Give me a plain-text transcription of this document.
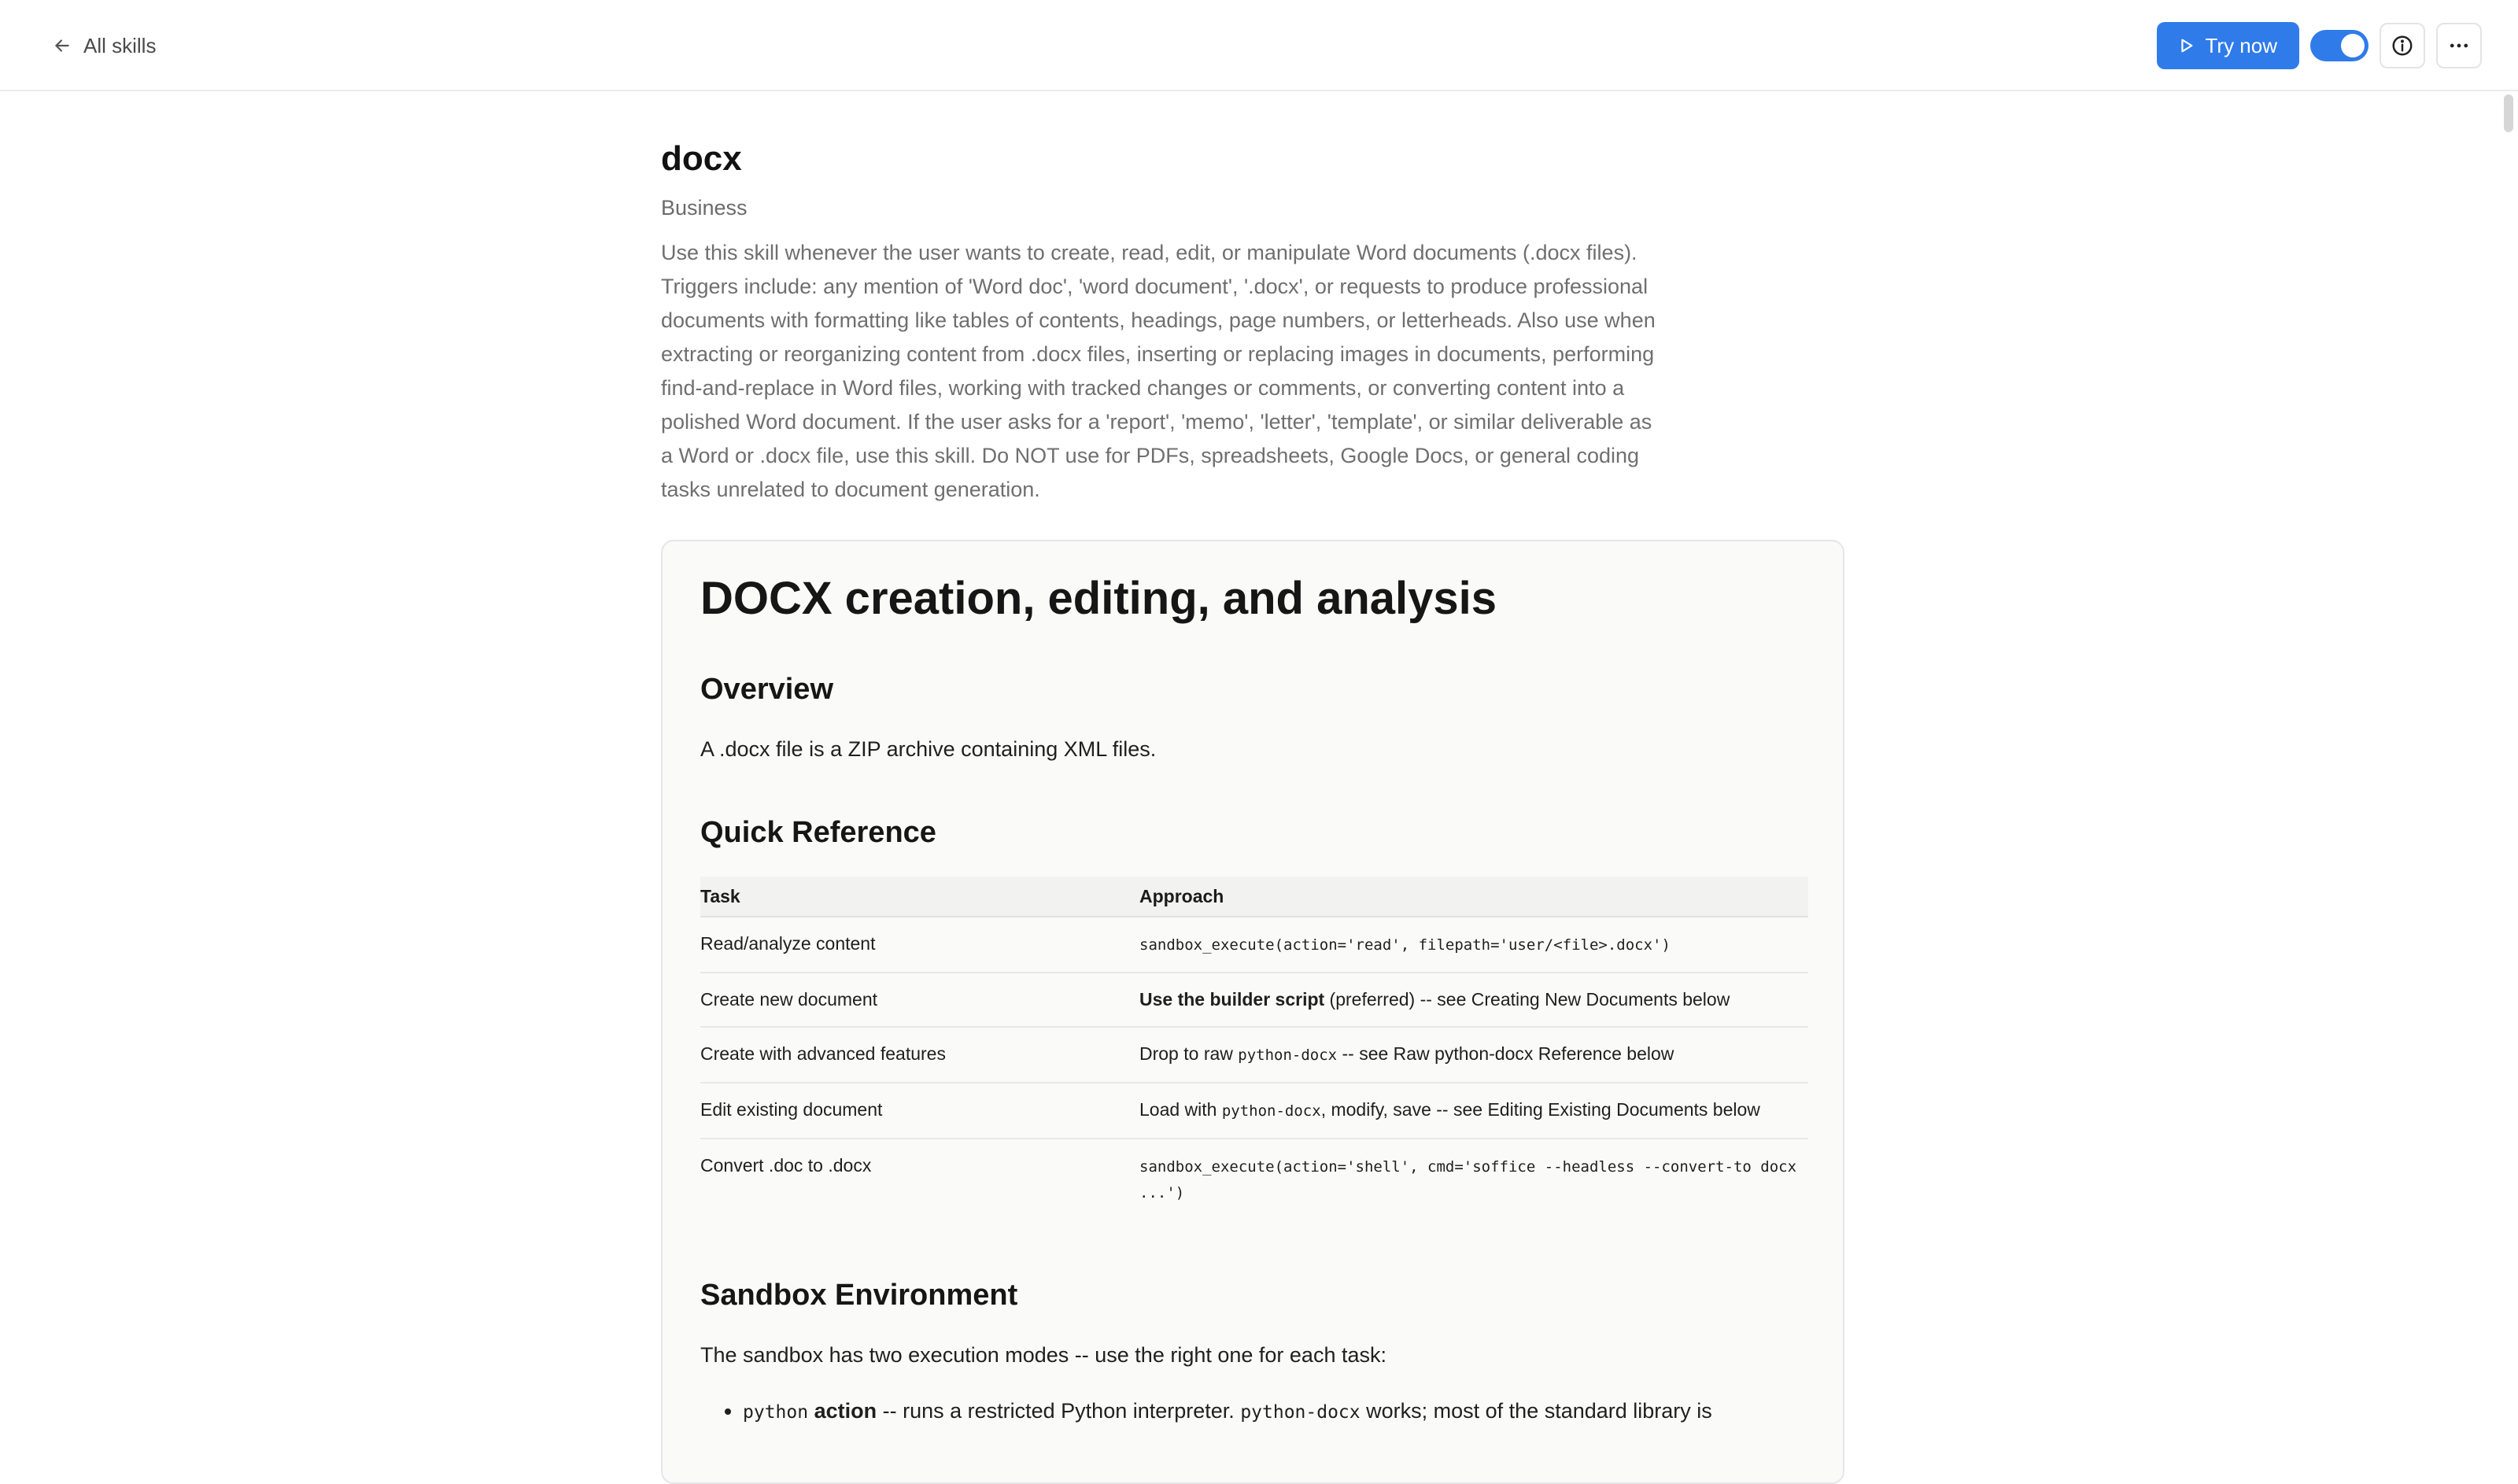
All skills	Try now
docx
Business
Use this skill whenever the user wants to create, read, edit, or manipulate Word documents (.docx files). Triggers include: any mention of 'Word doc', 'word document', '.docx', or requests to produce professional documents with formatting like tables of contents, headings, page numbers, or letterheads. Also use when extracting or reorganizing content from .docx files, inserting or replacing images in documents, performing find-and-replace in Word files, working with tracked changes or comments, or converting content into a polished Word document. If the user asks for a 'report', 'memo', 'letter', 'template', or similar deliverable as a Word or .docx file, use this skill. Do NOT use for PDFs, spreadsheets, Google Docs, or general coding tasks unrelated to document generation.
DOCX creation, editing, and analysis
Overview

A .docx file is a ZIP archive containing XML files.

Quick Reference
Task	Approach
Read/analyze content	sandbox_execute(action='read', filepath='user/<file>.docx')
Create new document	Use the builder script (preferred) -- see Creating New Documents below
Create with advanced features	Drop to raw python-docx -- see Raw python-docx Reference below
Edit existing document	Load with python-docx, modify, save -- see Editing Existing Documents below
Convert .doc to .docx	sandbox_execute(action='shell', cmd='soffice --headless --convert-to docx ...')
Sandbox Environment

The sandbox has two execution modes -- use the right one for each task:

• python action -- runs a restricted Python interpreter. python-docx works; most of the standard library is
